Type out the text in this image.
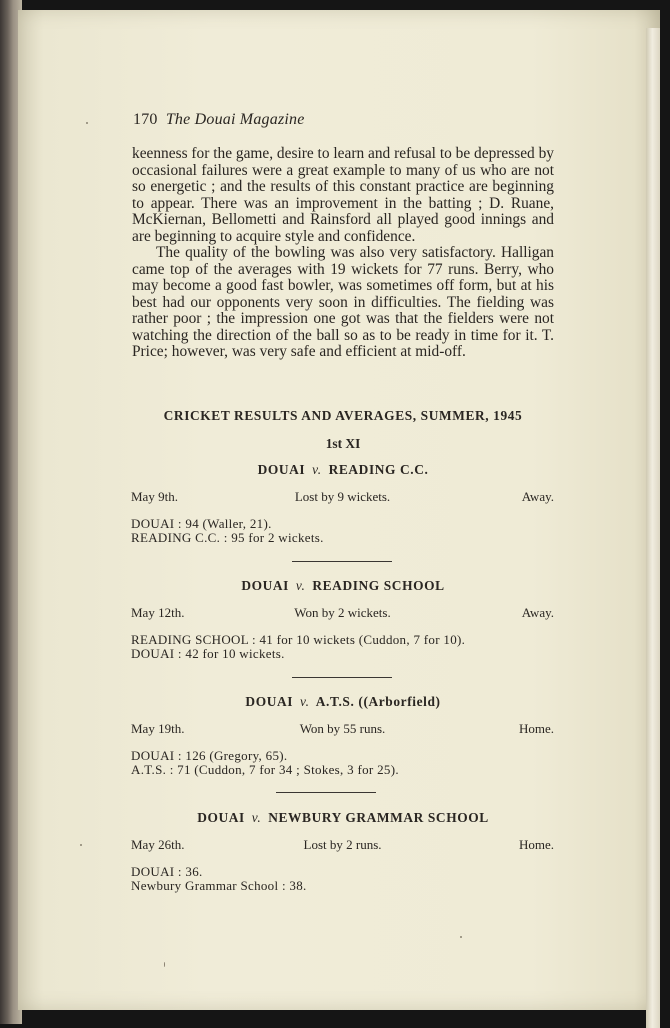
170 The Douai Magazine

keenness for the game, desire to learn and refusal to be depressed by occasional failures were a great example to many of us who are not so energetic ; and the results of this constant practice are beginning to appear. There was an improvement in the batting ; D. Ruane, McKiernan, Bellometti and Rainsford all played good innings and are beginning to acquire style and confidence.

The quality of the bowling was also very satisfactory. Halligan came top of the averages with 19 wickets for 77 runs. Berry, who may become a good fast bowler, was sometimes off form, but at his best had our opponents very soon in difficulties. The fielding was rather poor ; the impression one got was that the fielders were not watching the direction of the ball so as to be ready in time for it. T. Price; however, was very safe and efficient at mid-off.

CRICKET RESULTS AND AVERAGES, SUMMER, 1945
1st XI
DOUAI v. READING C.C.
May 9th.	Lost by 9 wickets.	Away.
DOUAI : 94 (Waller, 21).
READING C.C. : 95 for 2 wickets.
DOUAI v. READING SCHOOL
May 12th.	Won by 2 wickets.	Away.
READING SCHOOL : 41 for 10 wickets (Cuddon, 7 for 10).
DOUAI : 42 for 10 wickets.
DOUAI v. A.T.S. ((Arborfield)
May 19th.	Won by 55 runs.	Home.
DOUAI : 126 (Gregory, 65).
A.T.S. : 71 (Cuddon, 7 for 34 ; Stokes, 3 for 25).
DOUAI v. NEWBURY GRAMMAR SCHOOL
May 26th.	Lost by 2 runs.	Home.
DOUAI : 36.
Newbury Grammar School : 38.
